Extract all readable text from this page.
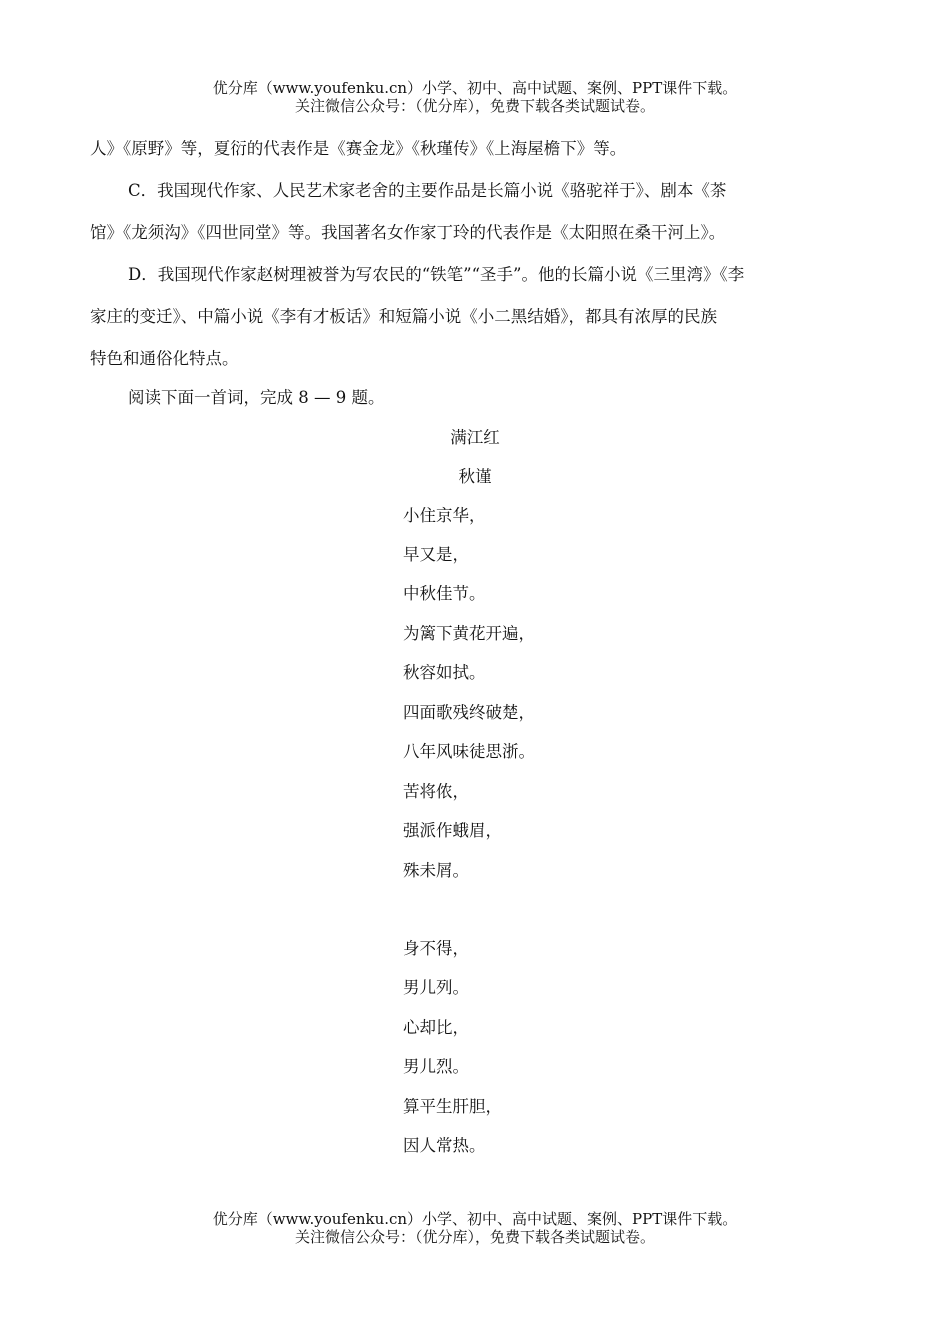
优分库（www.youfenku.cn）小学、初中、高中试题、案例、PPT课件下载。
关注微信公众号：（优分库），免费下载各类试题试卷。
人》《原野》等，夏衍的代表作是《赛金龙》《秋瑾传》《上海屋檐下》等。
C．我国现代作家、人民艺术家老舍的主要作品是长篇小说《骆驼祥于》、剧本《茶
馆》《龙须沟》《四世同堂》等。我国著名女作家丁玲的代表作是《太阳照在桑干河上》。
D．我国现代作家赵树理被誉为写农民的“铁笔”“圣手”。他的长篇小说《三里湾》《李
家庄的变迁》、中篇小说《李有才板话》和短篇小说《小二黑结婚》，都具有浓厚的民族
特色和通俗化特点。
阅读下面一首词，完成 8 — 9 题。
满江红
秋谨
小住京华，
早又是，
中秋佳节。
为篱下黄花开遍，
秋容如拭。
四面歌残终破楚，
八年风味徒思浙。
苦将侬，
强派作蛾眉，
殊未屑。
身不得，
男儿列。
心却比，
男儿烈。
算平生肝胆，
因人常热。
优分库（www.youfenku.cn）小学、初中、高中试题、案例、PPT课件下载。
关注微信公众号：（优分库），免费下载各类试题试卷。
